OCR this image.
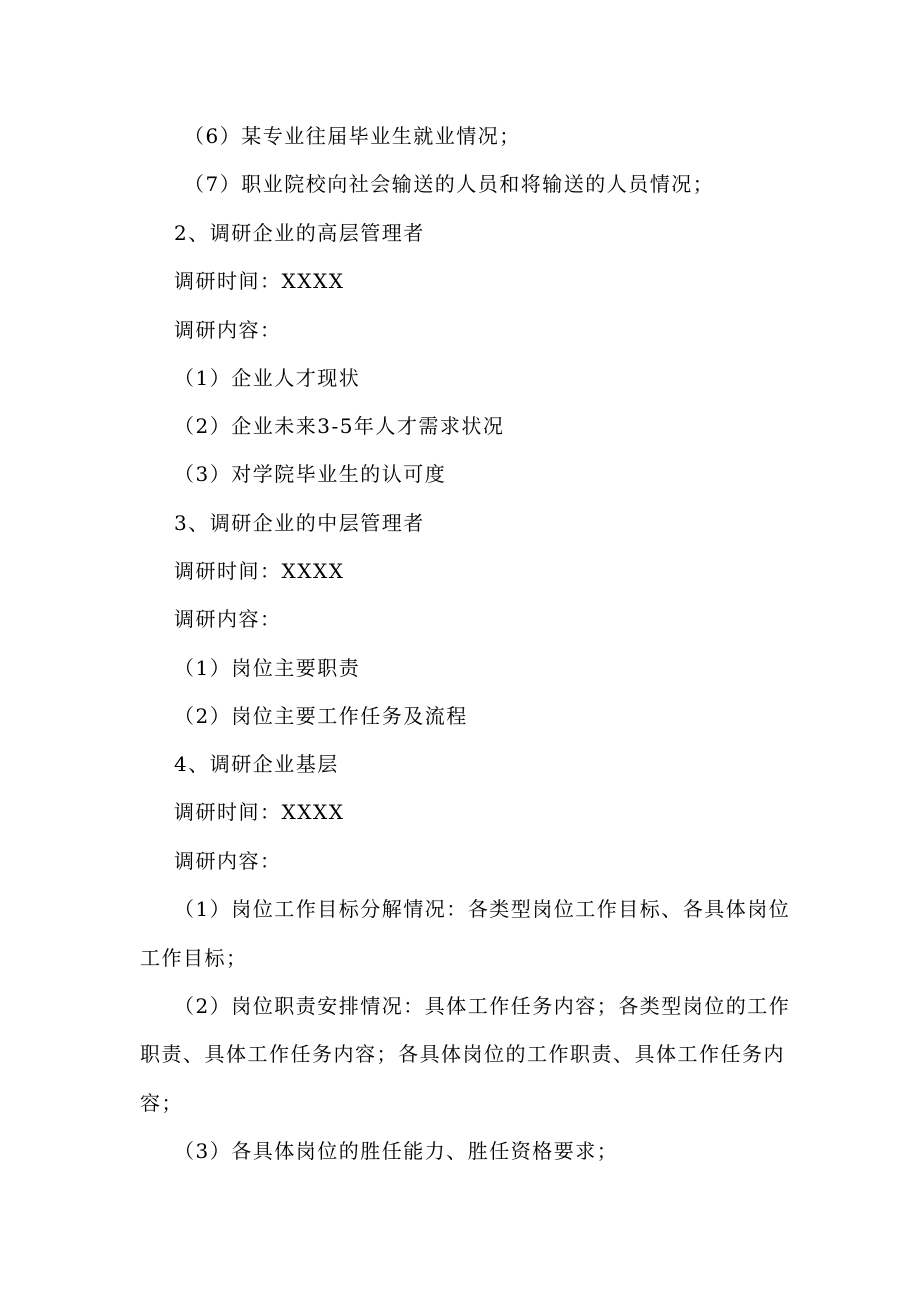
（6）某专业往届毕业生就业情况；
（7）职业院校向社会输送的人员和将输送的人员情况；
2、调研企业的高层管理者
调研时间：XXXX
调研内容：
（1）企业人才现状
（2）企业未来3-5年人才需求状况
（3）对学院毕业生的认可度
3、调研企业的中层管理者
调研时间：XXXX
调研内容：
（1）岗位主要职责
（2）岗位主要工作任务及流程
4、调研企业基层
调研时间：XXXX
调研内容：
（1）岗位工作目标分解情况：各类型岗位工作目标、各具体岗位
工作目标；
（2）岗位职责安排情况：具体工作任务内容；各类型岗位的工作
职责、具体工作任务内容；各具体岗位的工作职责、具体工作任务内
容；
（3）各具体岗位的胜任能力、胜任资格要求；
